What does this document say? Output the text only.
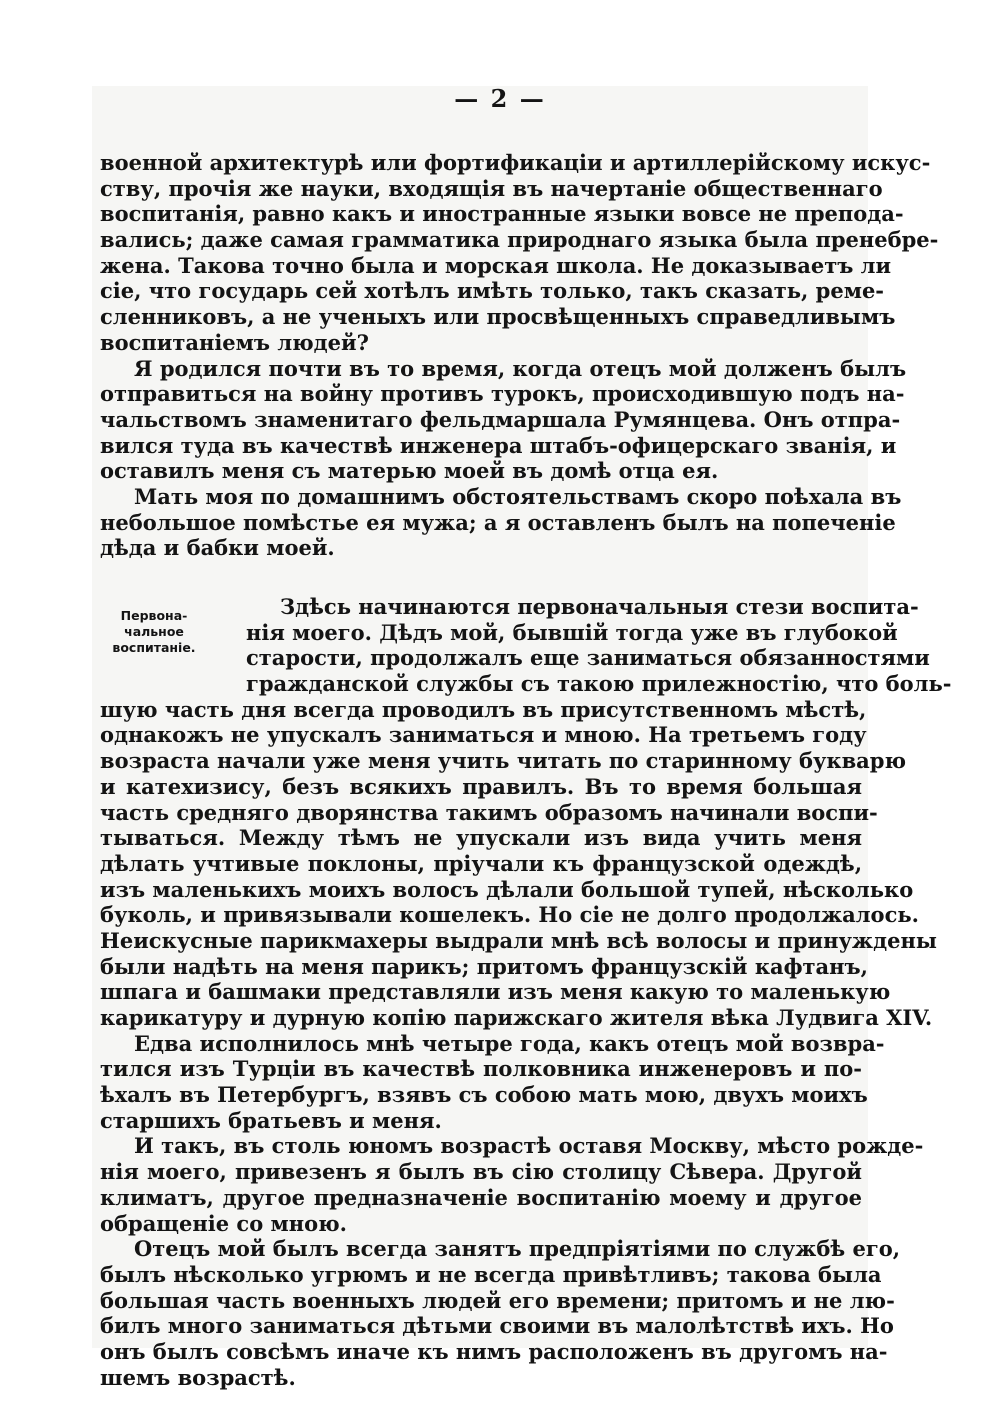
— 2 —
военной архитектурѣ или фортификаціи и артиллерійскому искус-
ству, прочія же науки, входящія въ начертаніе общественнаго
воспитанія, равно какъ и иностранные языки вовсе не препода-
вались; даже самая грамматика природнаго языка была пренебре-
жена. Такова точно была и морская школа. Не доказываетъ ли
сіе, что государь сей хотѣлъ имѣть только, такъ сказать, реме-
сленниковъ, а не ученыхъ или просвѣщенныхъ справедливымъ
воспитаніемъ людей?
Я родился почти въ то время, когда отецъ мой долженъ былъ
отправиться на войну противъ турокъ, происходившую подъ на-
чальствомъ знаменитаго фельдмаршала Румянцева. Онъ отпра-
вился туда въ качествѣ инженера штабъ-офицерскаго званія, и
оставилъ меня съ матерью моей въ домѣ отца ея.
Мать моя по домашнимъ обстоятельствамъ скоро поѣхала въ
небольшое помѣстье ея мужа; а я оставленъ былъ на попеченіе
дѣда и бабки моей.
Первона-
чальное
воспитаніе.
Здѣсь начинаются первоначальныя стези воспита-
нія моего. Дѣдъ мой, бывшій тогда уже въ глубокой
старости, продолжалъ еще заниматься обязанностями
гражданской службы съ такою прилежностію, что боль-
шую часть дня всегда проводилъ въ присутственномъ мѣстѣ,
однакожъ не упускалъ заниматься и мною. На третьемъ году
возраста начали уже меня учить читать по старинному букварю
и катехизису, безъ всякихъ правилъ. Въ то время большая
часть средняго дворянства такимъ образомъ начинали воспи-
тываться. Между тѣмъ не упускали изъ вида учить меня
дѣлать учтивые поклоны, пріучали къ французской одеждѣ,
изъ маленькихъ моихъ волосъ дѣлали большой тупей, нѣсколько
буколь, и привязывали кошелекъ. Но сіе не долго продолжалось.
Неискусные парикмахеры выдрали мнѣ всѣ волосы и принуждены
были надѣть на меня парикъ; притомъ французскій кафтанъ,
шпага и башмаки представляли изъ меня какую то маленькую
карикатуру и дурную копію парижскаго жителя вѣка Лудвига XIV.
Едва исполнилось мнѣ четыре года, какъ отецъ мой возвра-
тился изъ Турціи въ качествѣ полковника инженеровъ и по-
ѣхалъ въ Петербургъ, взявъ съ собою мать мою, двухъ моихъ
старшихъ братьевъ и меня.
И такъ, въ столь юномъ возрастѣ оставя Москву, мѣсто рожде-
нія моего, привезенъ я былъ въ сію столицу Сѣвера. Другой
климатъ, другое предназначеніе воспитанію моему и другое
обращеніе со мною.
Отецъ мой былъ всегда занятъ предпріятіями по службѣ его,
былъ нѣсколько угрюмъ и не всегда привѣтливъ; такова была
большая часть военныхъ людей его времени; притомъ и не лю-
билъ много заниматься дѣтьми своими въ малолѣтствѣ ихъ. Но
онъ былъ совсѣмъ иначе къ нимъ расположенъ въ другомъ на-
шемъ возрастѣ.
